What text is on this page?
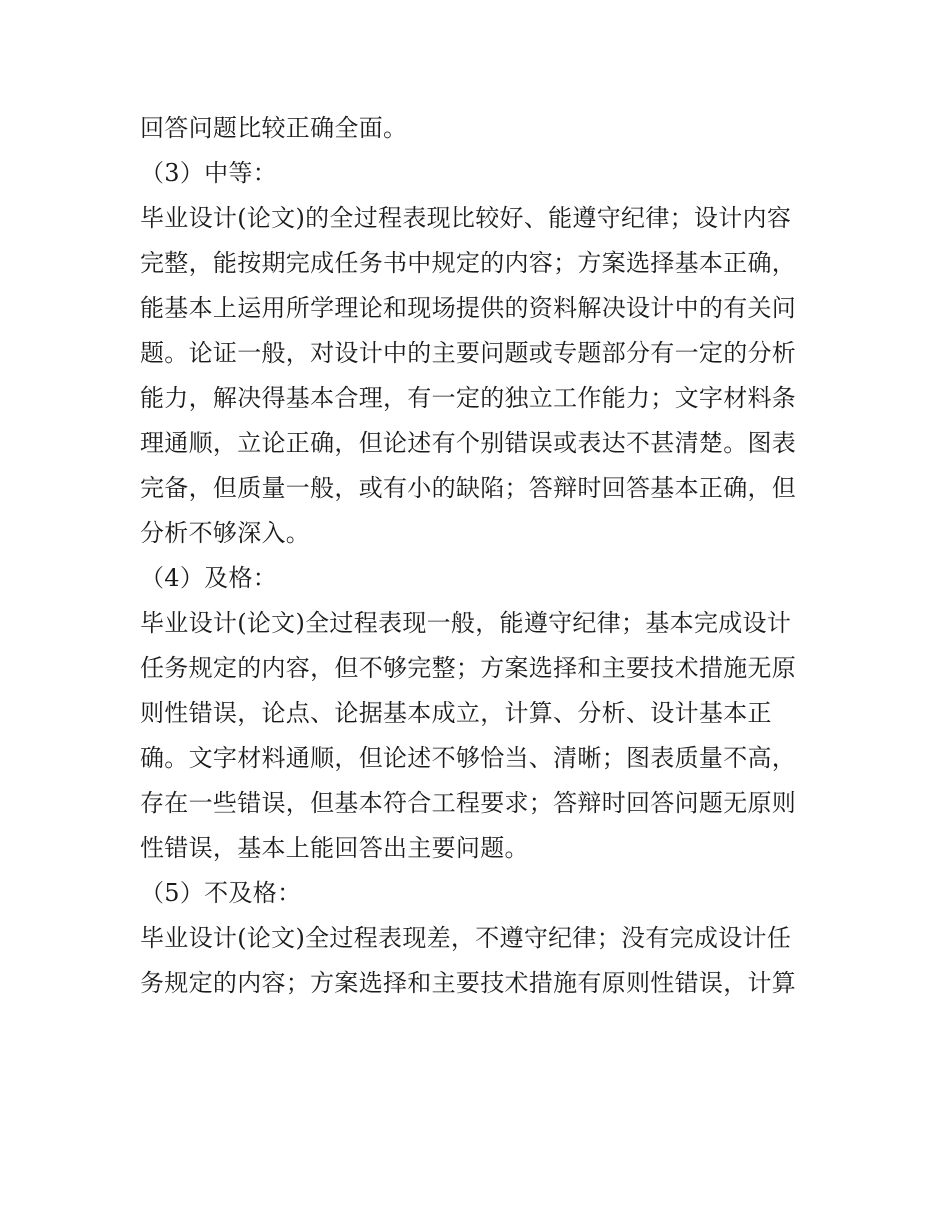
回答问题比较正确全面。
（3）中等：
毕业设计(论文)的全过程表现比较好、能遵守纪律；设计内容
完整，能按期完成任务书中规定的内容；方案选择基本正确，
能基本上运用所学理论和现场提供的资料解决设计中的有关问
题。论证一般，对设计中的主要问题或专题部分有一定的分析
能力，解决得基本合理，有一定的独立工作能力；文字材料条
理通顺，立论正确，但论述有个别错误或表达不甚清楚。图表
完备，但质量一般，或有小的缺陷；答辩时回答基本正确，但
分析不够深入。
（4）及格：
毕业设计(论文)全过程表现一般，能遵守纪律；基本完成设计
任务规定的内容，但不够完整；方案选择和主要技术措施无原
则性错误，论点、论据基本成立，计算、分析、设计基本正
确。文字材料通顺，但论述不够恰当、清晰；图表质量不高，
存在一些错误，但基本符合工程要求；答辩时回答问题无原则
性错误，基本上能回答出主要问题。
（5）不及格：
毕业设计(论文)全过程表现差，不遵守纪律；没有完成设计任
务规定的内容；方案选择和主要技术措施有原则性错误，计算
